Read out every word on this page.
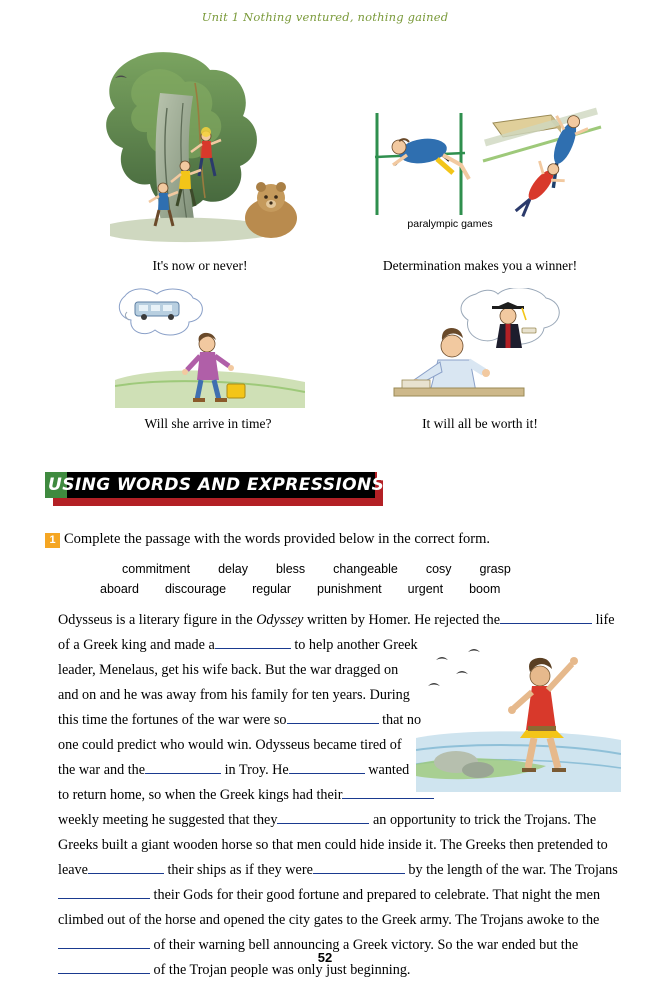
Unit 1 Nothing ventured, nothing gained
It's now or never!
paralympic games
Determination makes you a winner!
Will she arrive in time?	It will all be worth it!
USING WORDS AND EXPRESSIONS
1 Complete the passage with the words provided below in the correct form.
commitment delay bless changeable cosy grasp
aboard discourage regular punishment urgent boom
Odysseus is a literary figure in the Odyssey written by Homer. He rejected the	life
of a Greek king and made a	to help another Greek
leader, Menelaus, get his wife back. But the war dragged on
and on and he was away from his family for ten years. During
this time the fortunes of the war were so	that no
one could predict who would win. Odysseus became tired of
the war and the	in Troy. He	wanted
to return home, so when the Greek kings had their
weekly meeting he suggested that they	an opportunity to trick the Trojans. The
Greeks built a giant wooden horse so that men could hide inside it. The Greeks then pretended to
leave	their ships as if they were	by the length of the war. The Trojans
their Gods for their good fortune and prepared to celebrate. That night the men
climbed out of the horse and opened the city gates to the Greek army. The Trojans awoke to the
of their warning bell announcing a Greek victory. So the war ended but the
of the Trojan people was only just beginning.
52
